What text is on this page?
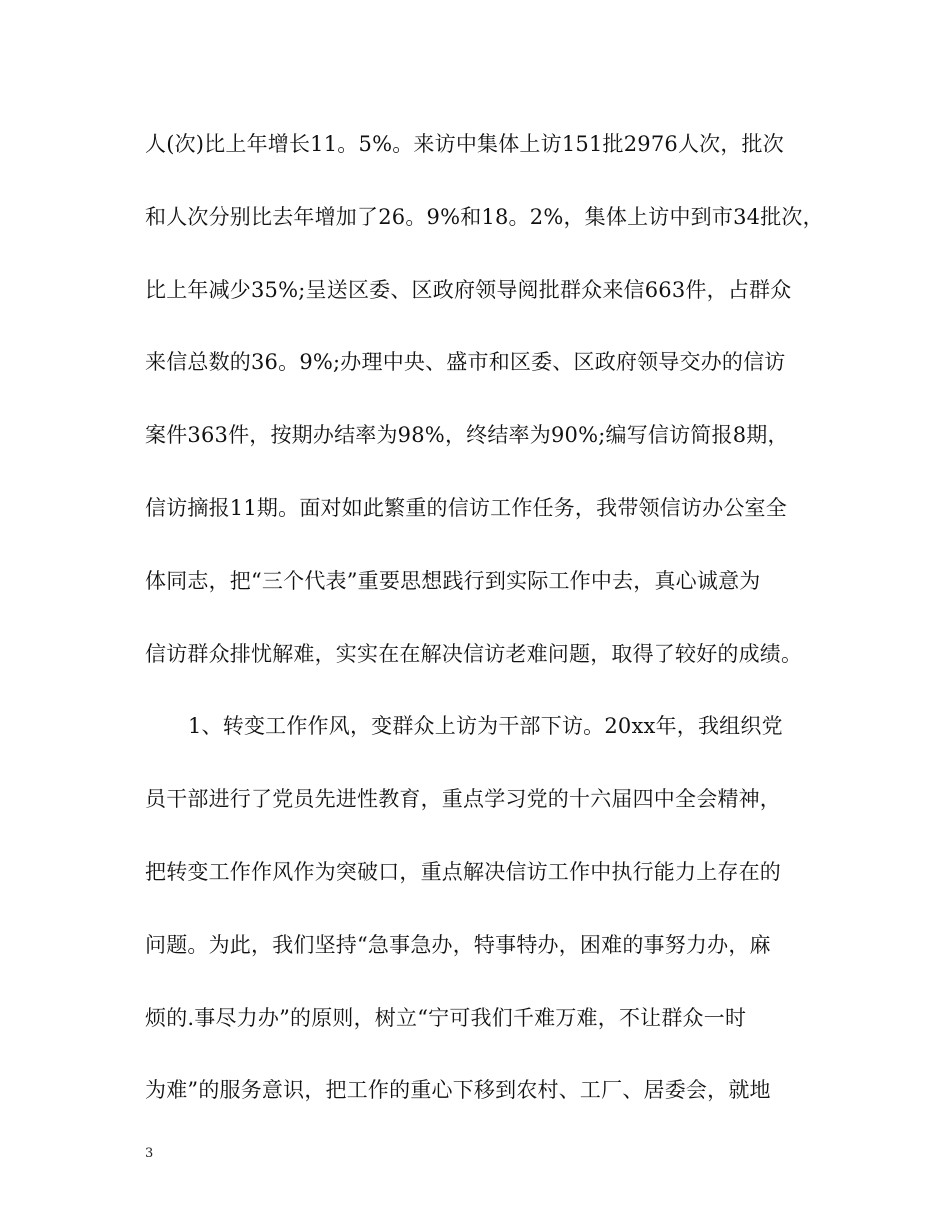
人(次)比上年增长11。5%。来访中集体上访151批2976人次，批次
和人次分别比去年增加了26。9%和18。2%，集体上访中到市34批次，
比上年减少35%;呈送区委、区政府领导阅批群众来信663件，占群众
来信总数的36。9%;办理中央、盛市和区委、区政府领导交办的信访
案件363件，按期办结率为98%，终结率为90%;编写信访简报8期，
信访摘报11期。面对如此繁重的信访工作任务，我带领信访办公室全
体同志，把“三个代表”重要思想践行到实际工作中去，真心诚意为
信访群众排忧解难，实实在在解决信访老难问题，取得了较好的成绩。
1、转变工作作风，变群众上访为干部下访。20xx年，我组织党
员干部进行了党员先进性教育，重点学习党的十六届四中全会精神，
把转变工作作风作为突破口，重点解决信访工作中执行能力上存在的
问题。为此，我们坚持“急事急办，特事特办，困难的事努力办，麻
烦的.事尽力办”的原则，树立“宁可我们千难万难，不让群众一时
为难”的服务意识，把工作的重心下移到农村、工厂、居委会，就地
3
